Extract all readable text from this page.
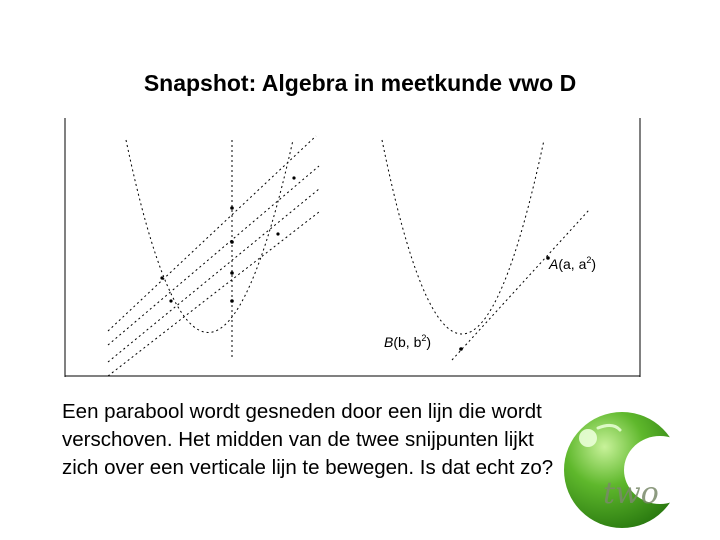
Snapshot: Algebra in meetkunde vwo D
A(a, $a^2$)
B(b, $b^2$)
Een parabool wordt gesneden door een lijn die wordt verschoven. Het midden van de twee snijpunten lijkt zich over een verticale lijn te bewegen. Is dat echt zo?
two
